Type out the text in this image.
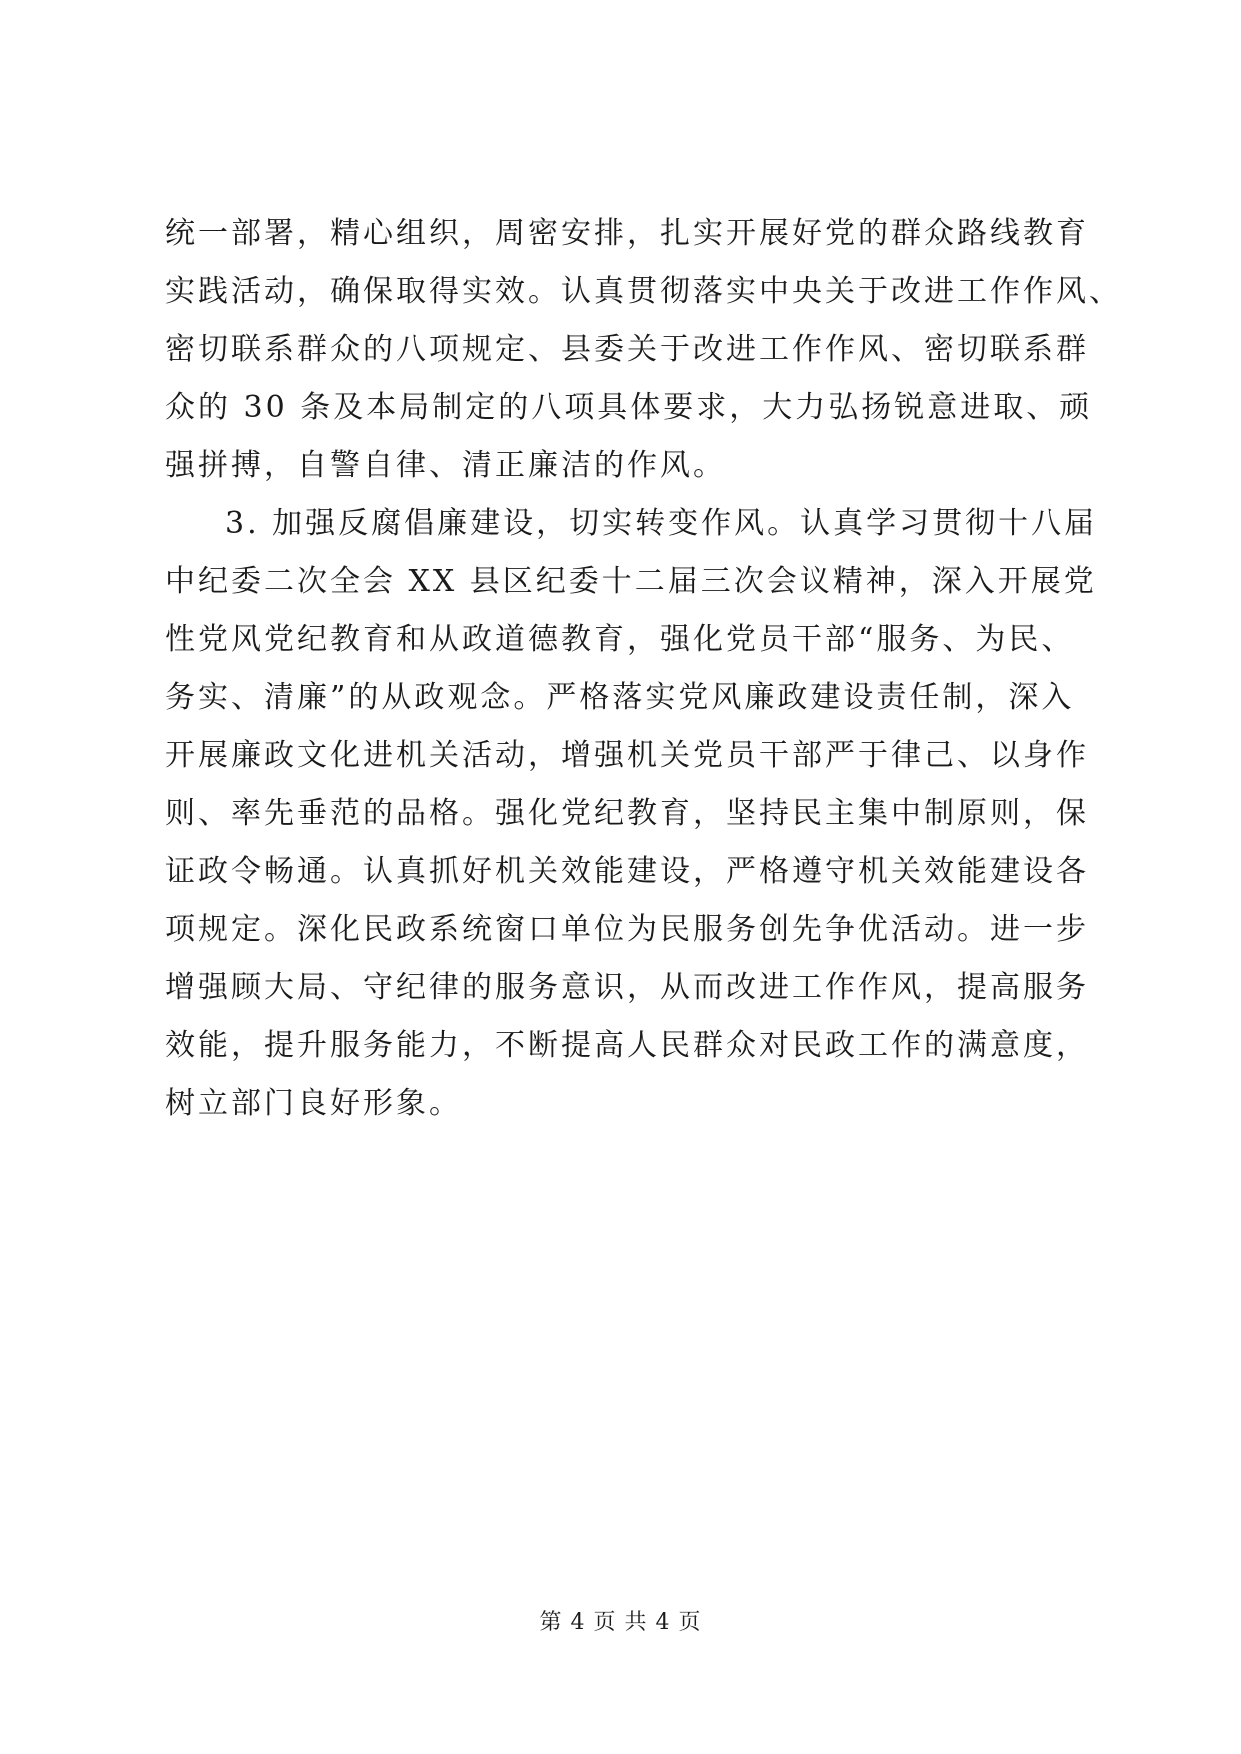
统一部署，精心组织，周密安排，扎实开展好党的群众路线教育
实践活动，确保取得实效。认真贯彻落实中央关于改进工作作风、
密切联系群众的八项规定、县委关于改进工作作风、密切联系群
众的 30 条及本局制定的八项具体要求，大力弘扬锐意进取、顽
强拼搏，自警自律、清正廉洁的作风。
3. 加强反腐倡廉建设，切实转变作风。认真学习贯彻十八届
中纪委二次全会 XX 县区纪委十二届三次会议精神，深入开展党
性党风党纪教育和从政道德教育，强化党员干部“服务、为民、
务实、清廉”的从政观念。严格落实党风廉政建设责任制，深入
开展廉政文化进机关活动，增强机关党员干部严于律己、以身作
则、率先垂范的品格。强化党纪教育，坚持民主集中制原则，保
证政令畅通。认真抓好机关效能建设，严格遵守机关效能建设各
项规定。深化民政系统窗口单位为民服务创先争优活动。进一步
增强顾大局、守纪律的服务意识，从而改进工作作风，提高服务
效能，提升服务能力，不断提高人民群众对民政工作的满意度，
树立部门良好形象。
第 4 页 共 4 页
